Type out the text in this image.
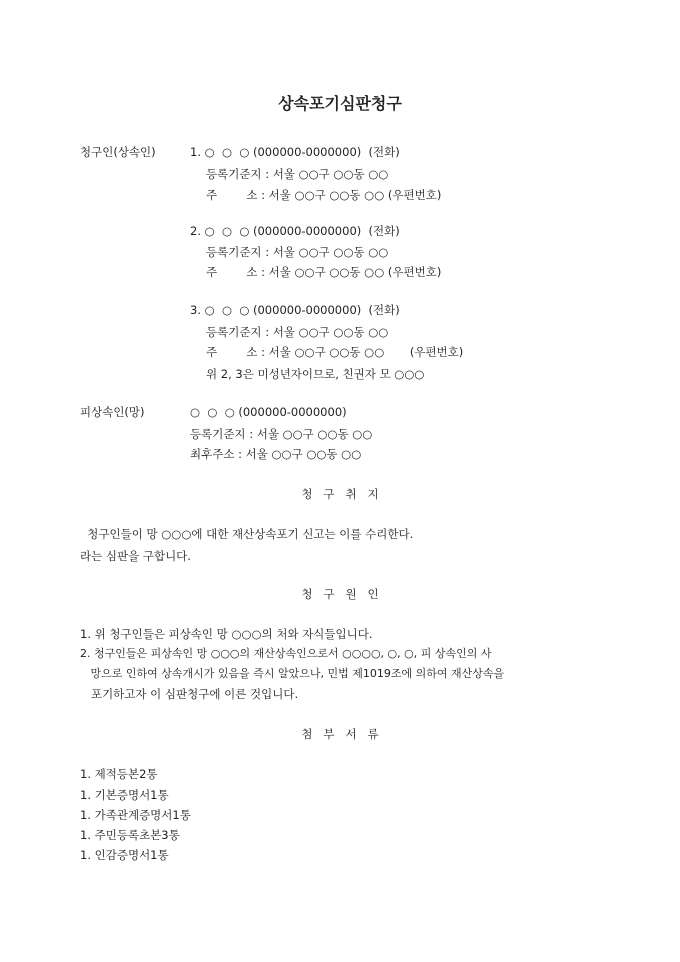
상속포기심판청구
청구인(상속인)	1. ○  ○  ○ (000000-0000000)  (전화)
등록기준지 : 서울 ○○구 ○○동 ○○
주        소 : 서울 ○○구 ○○동 ○○ (우편번호)
2. ○  ○  ○ (000000-0000000)  (전화)
등록기준지 : 서울 ○○구 ○○동 ○○
주        소 : 서울 ○○구 ○○동 ○○ (우편번호)
3. ○  ○  ○ (000000-0000000)  (전화)
등록기준지 : 서울 ○○구 ○○동 ○○
주        소 : 서울 ○○구 ○○동 ○○       (우편번호)
위 2, 3은 미성년자이므로, 친권자 모 ○○○
피상속인(망)	○  ○  ○ (000000-0000000)
등록기준지 : 서울 ○○구 ○○동 ○○
최후주소 : 서울 ○○구 ○○동 ○○
청   구   취   지
청구인들이 망 ○○○에 대한 재산상속포기 신고는 이를 수리한다.
라는 심판을 구합니다.
청   구   원   인
1. 위 청구인들은 피상속인 망 ○○○의 처와 자식들입니다.
2. 청구인들은 피상속인 망 ○○○의 재산상속인으로서 ○○○○, ○, ○, 피 상속인의 사
망으로 인하여 상속개시가 있음을 즉시 알았으나, 민법 제1019조에 의하여 재산상속을
포기하고자 이 심판청구에 이른 것입니다.
첨   부   서   류
1. 제적등본2통
1. 기본증명서1통
1. 가족관계증명서1통
1. 주민등록초본3통
1. 인감증명서1통
